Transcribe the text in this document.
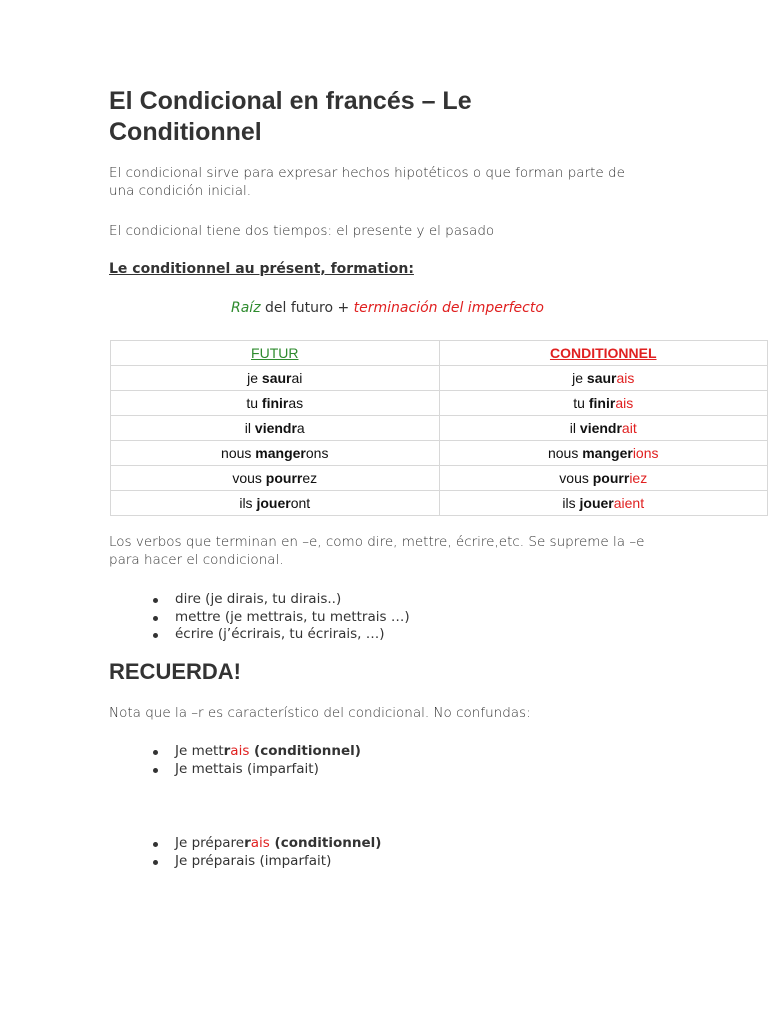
El Condicional en francés – Le Conditionnel

El condicional sirve para expresar hechos hipotéticos o que forman parte de una condición inicial.

El condicional tiene dos tiempos: el presente y el pasado

Le conditionnel au présent, formation:

Raíz del futuro + terminación del imperfecto

FUTUR	CONDITIONNEL
je saurai	je saurais
tu finiras	tu finirais
il viendra	il viendrait
nous mangerons	nous mangerions
vous pourrez	vous pourriez
ils joueront	ils joueraient

Los verbos que terminan en –e, como dire, mettre, écrire,etc. Se supreme la –e para hacer el condicional.

dire (je dirais, tu dirais..)
mettre (je mettrais, tu mettrais …)
écrire (j’écrirais, tu écrirais, …)
RECUERDA!

Nota que la –r es característico del condicional. No confundas:

Je mettrais (conditionnel)
Je mettais (imparfait)
Je préparerais (conditionnel)
Je préparais (imparfait)
